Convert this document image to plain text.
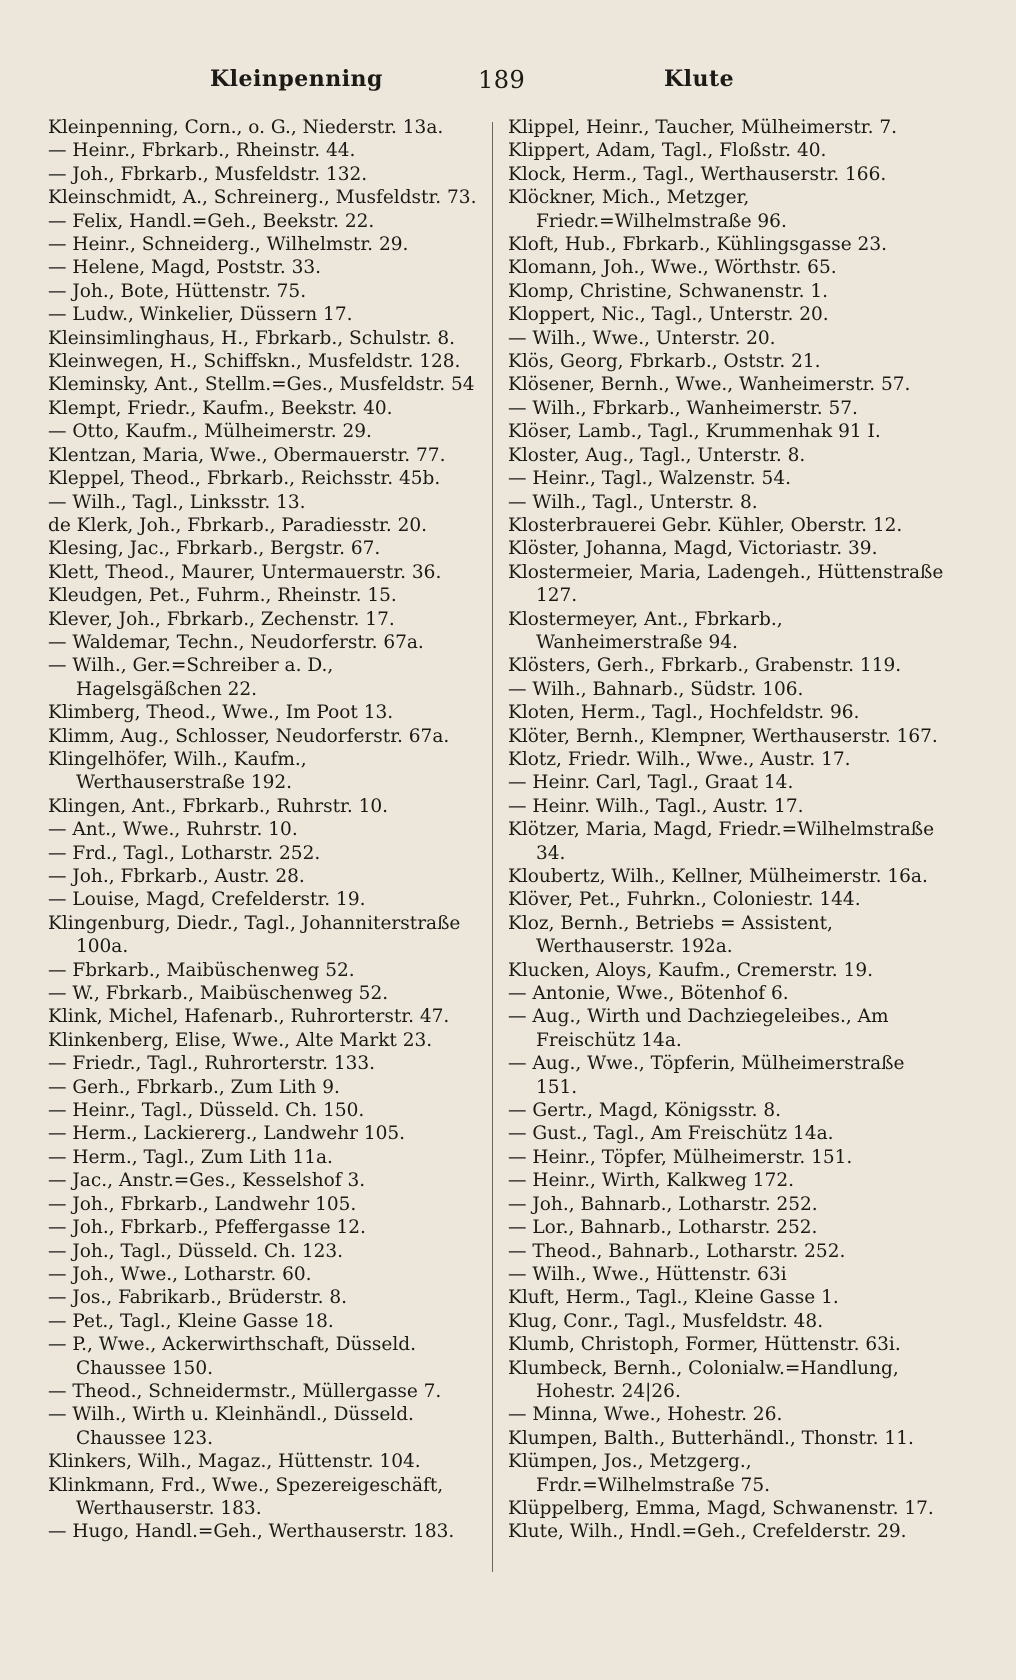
Kleinpenning	189	Klute

Kleinpenning, Corn., o. G., Niederstr. 13a.

— Heinr., Fbrkarb., Rheinstr. 44.

— Joh., Fbrkarb., Musfeldstr. 132.

Kleinschmidt, A., Schreinerg., Musfeldstr. 73.

— Felix, Handl.=Geh., Beekstr. 22.

— Heinr., Schneiderg., Wilhelmstr. 29.

— Helene, Magd, Poststr. 33.

— Joh., Bote, Hüttenstr. 75.

— Ludw., Winkelier, Düssern 17.

Kleinsimlinghaus, H., Fbrkarb., Schulstr. 8.

Kleinwegen, H., Schiffskn., Musfeldstr. 128.

Kleminsky, Ant., Stellm.=Ges., Musfeldstr. 54

Klempt, Friedr., Kaufm., Beekstr. 40.

— Otto, Kaufm., Mülheimerstr. 29.

Klentzan, Maria, Wwe., Obermauerstr. 77.

Kleppel, Theod., Fbrkarb., Reichsstr. 45b.

— Wilh., Tagl., Linksstr. 13.

de Klerk, Joh., Fbrkarb., Paradiesstr. 20.

Klesing, Jac., Fbrkarb., Bergstr. 67.

Klett, Theod., Maurer, Untermauerstr. 36.

Kleudgen, Pet., Fuhrm., Rheinstr. 15.

Klever, Joh., Fbrkarb., Zechenstr. 17.

— Waldemar, Techn., Neudorferstr. 67a.

— Wilh., Ger.=Schreiber a. D., Hagelsgäßchen 22.

Klimberg, Theod., Wwe., Im Poot 13.

Klimm, Aug., Schlosser, Neudorferstr. 67a.

Klingelhöfer, Wilh., Kaufm., Werthauserstraße 192.

Klingen, Ant., Fbrkarb., Ruhrstr. 10.

— Ant., Wwe., Ruhrstr. 10.

— Frd., Tagl., Lotharstr. 252.

— Joh., Fbrkarb., Austr. 28.

— Louise, Magd, Crefelderstr. 19.

Klingenburg, Diedr., Tagl., Johanniterstraße 100a.

— Fbrkarb., Maibüschenweg 52.

— W., Fbrkarb., Maibüschenweg 52.

Klink, Michel, Hafenarb., Ruhrorterstr. 47.

Klinkenberg, Elise, Wwe., Alte Markt 23.

— Friedr., Tagl., Ruhrorterstr. 133.

— Gerh., Fbrkarb., Zum Lith 9.

— Heinr., Tagl., Düsseld. Ch. 150.

— Herm., Lackiererg., Landwehr 105.

— Herm., Tagl., Zum Lith 11a.

— Jac., Anstr.=Ges., Kesselshof 3.

— Joh., Fbrkarb., Landwehr 105.

— Joh., Fbrkarb., Pfeffergasse 12.

— Joh., Tagl., Düsseld. Ch. 123.

— Joh., Wwe., Lotharstr. 60.

— Jos., Fabrikarb., Brüderstr. 8.

— Pet., Tagl., Kleine Gasse 18.

— P., Wwe., Ackerwirthschaft, Düsseld. Chaussee 150.

— Theod., Schneidermstr., Müllergasse 7.

— Wilh., Wirth u. Kleinhändl., Düsseld. Chaussee 123.

Klinkers, Wilh., Magaz., Hüttenstr. 104.

Klinkmann, Frd., Wwe., Spezereigeschäft, Werthauserstr. 183.

— Hugo, Handl.=Geh., Werthauserstr. 183.

Klippel, Heinr., Taucher, Mülheimerstr. 7.

Klippert, Adam, Tagl., Floßstr. 40.

Klock, Herm., Tagl., Werthauserstr. 166.

Klöckner, Mich., Metzger, Friedr.=Wilhelmstraße 96.

Kloft, Hub., Fbrkarb., Kühlingsgasse 23.

Klomann, Joh., Wwe., Wörthstr. 65.

Klomp, Christine, Schwanenstr. 1.

Kloppert, Nic., Tagl., Unterstr. 20.

— Wilh., Wwe., Unterstr. 20.

Klös, Georg, Fbrkarb., Oststr. 21.

Klösener, Bernh., Wwe., Wanheimerstr. 57.

— Wilh., Fbrkarb., Wanheimerstr. 57.

Klöser, Lamb., Tagl., Krummenhak 91 I.

Kloster, Aug., Tagl., Unterstr. 8.

— Heinr., Tagl., Walzenstr. 54.

— Wilh., Tagl., Unterstr. 8.

Klosterbrauerei Gebr. Kühler, Oberstr. 12.

Klöster, Johanna, Magd, Victoriastr. 39.

Klostermeier, Maria, Ladengeh., Hüttenstraße 127.

Klostermeyer, Ant., Fbrkarb., Wanheimerstraße 94.

Klösters, Gerh., Fbrkarb., Grabenstr. 119.

— Wilh., Bahnarb., Südstr. 106.

Kloten, Herm., Tagl., Hochfeldstr. 96.

Klöter, Bernh., Klempner, Werthauserstr. 167.

Klotz, Friedr. Wilh., Wwe., Austr. 17.

— Heinr. Carl, Tagl., Graat 14.

— Heinr. Wilh., Tagl., Austr. 17.

Klötzer, Maria, Magd, Friedr.=Wilhelmstraße 34.

Kloubertz, Wilh., Kellner, Mülheimerstr. 16a.

Klöver, Pet., Fuhrkn., Coloniestr. 144.

Kloz, Bernh., Betriebs = Assistent, Werthauserstr. 192a.

Klucken, Aloys, Kaufm., Cremerstr. 19.

— Antonie, Wwe., Bötenhof 6.

— Aug., Wirth und Dachziegeleibes., Am Freischütz 14a.

— Aug., Wwe., Töpferin, Mülheimerstraße 151.

— Gertr., Magd, Königsstr. 8.

— Gust., Tagl., Am Freischütz 14a.

— Heinr., Töpfer, Mülheimerstr. 151.

— Heinr., Wirth, Kalkweg 172.

— Joh., Bahnarb., Lotharstr. 252.

— Lor., Bahnarb., Lotharstr. 252.

— Theod., Bahnarb., Lotharstr. 252.

— Wilh., Wwe., Hüttenstr. 63i

Kluft, Herm., Tagl., Kleine Gasse 1.

Klug, Conr., Tagl., Musfeldstr. 48.

Klumb, Christoph, Former, Hüttenstr. 63i.

Klumbeck, Bernh., Colonialw.=Handlung, Hohestr. 24|26.

— Minna, Wwe., Hohestr. 26.

Klumpen, Balth., Butterhändl., Thonstr. 11.

Klümpen, Jos., Metzgerg., Frdr.=Wilhelmstraße 75.

Klüppelberg, Emma, Magd, Schwanenstr. 17.

Klute, Wilh., Hndl.=Geh., Crefelderstr. 29.
